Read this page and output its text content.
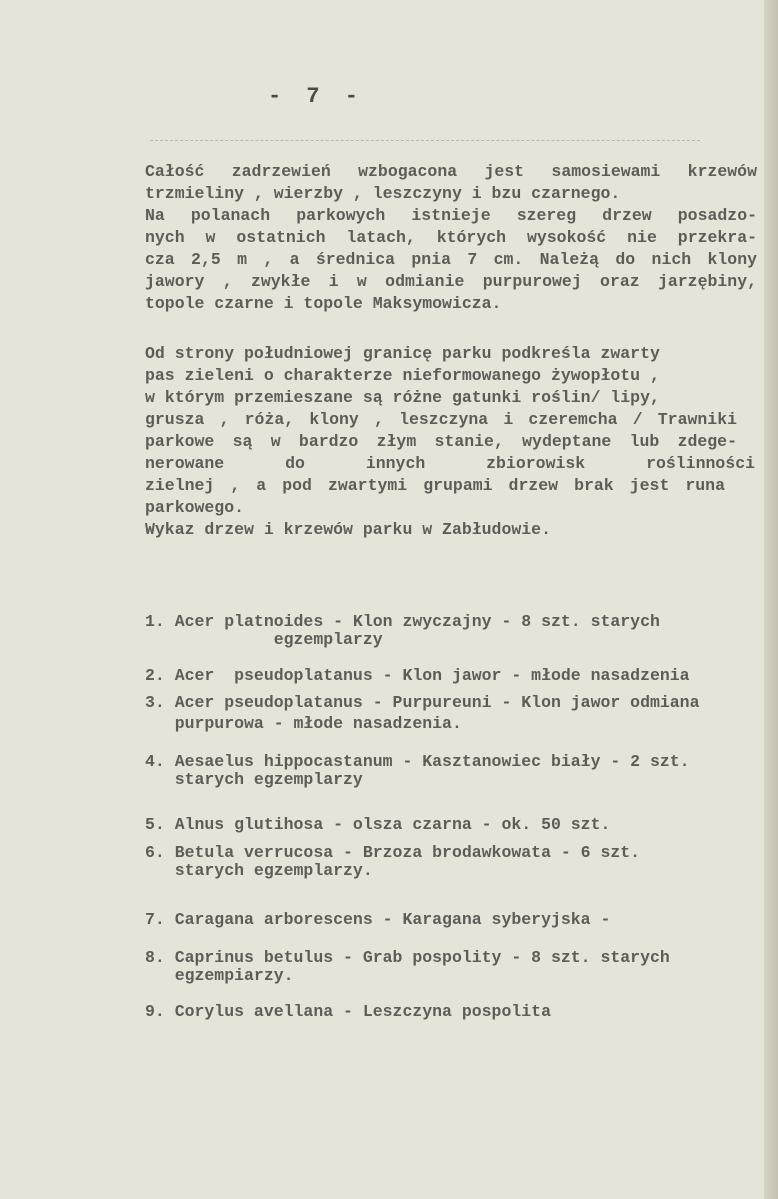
- 7 -
Całość zadrzewień wzbogacona jest samosiewami krzewów
trzmieliny , wierzby , leszczyny i bzu czarnego.
Na polanach parkowych istnieje szereg drzew posadzo-
nych w ostatnich latach, których wysokość nie przekra-
cza 2,5 m , a średnica pnia 7 cm. Należą do nich klony
jawory , zwykłe i w odmianie purpurowej oraz jarzębiny,
topole czarne i topole Maksymowicza.
Od strony południowej granicę parku podkreśla zwarty
pas zieleni o charakterze nieformowanego żywopłotu ,
w którym przemieszane są różne gatunki roślin/ lipy,
grusza , róża, klony , leszczyna i czeremcha / Trawniki
parkowe są w bardzo złym stanie, wydeptane lub zdege-
nerowane do innych zbiorowisk roślinności
zielnej , a pod zwartymi grupami drzew brak jest runa
parkowego.
Wykaz drzew i krzewów parku w Zabłudowie.
1. Acer platnoides - Klon zwyczajny - 8 szt. starych
egzemplarzy
2. Acer  pseudoplatanus - Klon jawor - młode nasadzenia
3. Acer pseudoplatanus - Purpureuni - Klon jawor odmiana
purpurowa - młode nasadzenia.
4. Aesaelus hippocastanum - Kasztanowiec biały - 2 szt.
starych egzemplarzy
5. Alnus glutihosa - olsza czarna - ok. 50 szt.
6. Betula verrucosa - Brzoza brodawkowata - 6 szt.
starych egzemplarzy.
7. Caragana arborescens - Karagana syberyjska -
8. Caprinus betulus - Grab pospolity - 8 szt. starych
egzempiarzy.
9. Corylus avellana - Leszczyna pospolita
